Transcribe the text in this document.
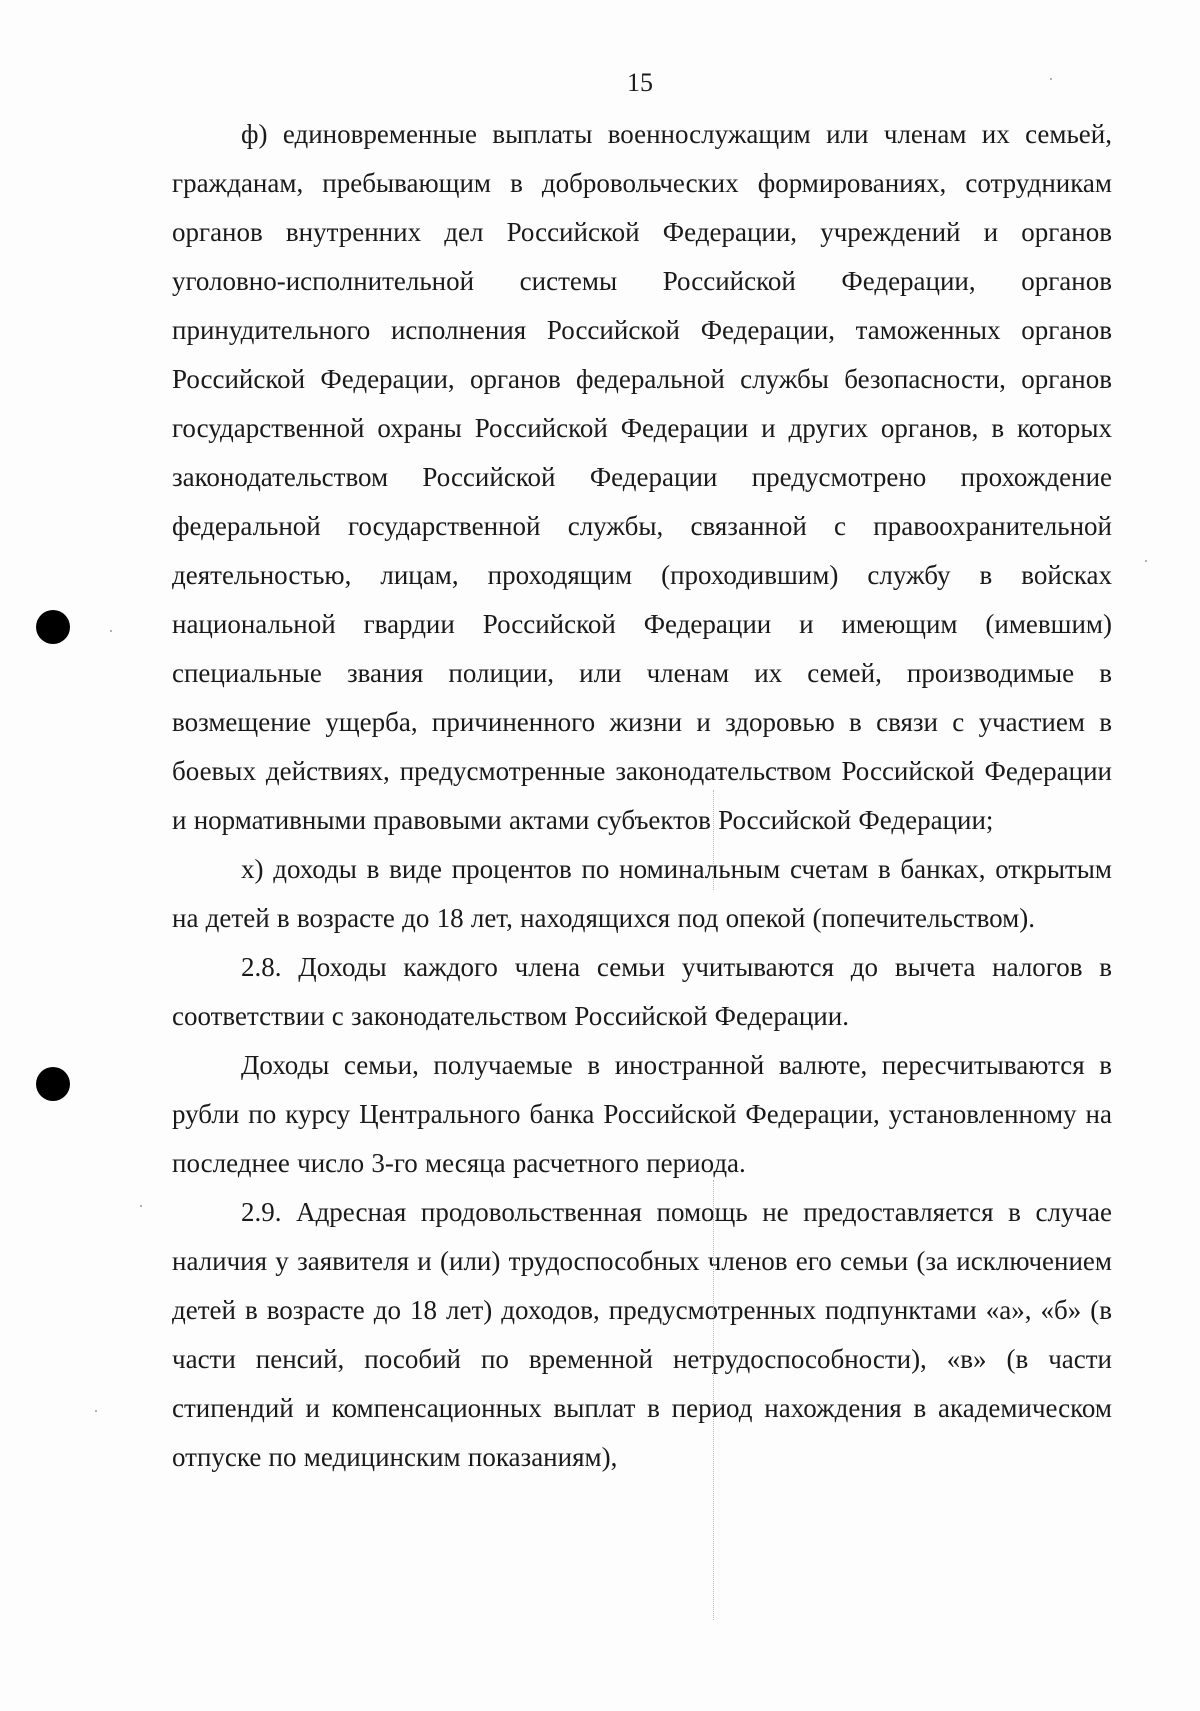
15

ф) единовременные выплаты военнослужащим или членам их семьей, гражданам, пребывающим в добровольческих формированиях, сотрудникам органов внутренних дел Российской Федерации, учреждений и органов уголовно-исполнительной системы Российской Федерации, органов принудительного исполнения Российской Федерации, таможенных органов Российской Федерации, органов федеральной службы безопасности, органов государственной охраны Российской Федерации и других органов, в которых законодательством Российской Федерации предусмотрено прохождение федеральной государственной службы, связанной с правоохранительной деятельностью, лицам, проходящим (проходившим) службу в войсках национальной гвардии Российской Федерации и имеющим (имевшим) специальные звания полиции, или членам их семей, производимые в возмещение ущерба, причиненного жизни и здоровью в связи с участием в боевых действиях, предусмотренные законодательством Российской Федерации и нормативными правовыми актами субъектов Российской Федерации;

х) доходы в виде процентов по номинальным счетам в банках, открытым на детей в возрасте до 18 лет, находящихся под опекой (попечительством).

2.8. Доходы каждого члена семьи учитываются до вычета налогов в соответствии с законодательством Российской Федерации.

Доходы семьи, получаемые в иностранной валюте, пересчитываются в рубли по курсу Центрального банка Российской Федерации, установленному на последнее число 3-го месяца расчетного периода.

2.9. Адресная продовольственная помощь не предоставляется в случае наличия у заявителя и (или) трудоспособных членов его семьи (за исключением детей в возрасте до 18 лет) доходов, предусмотренных подпунктами «а», «б» (в части пенсий, пособий по временной нетрудоспособности), «в» (в части стипендий и компенсационных выплат в период нахождения в академическом отпуске по медицинским показаниям),
